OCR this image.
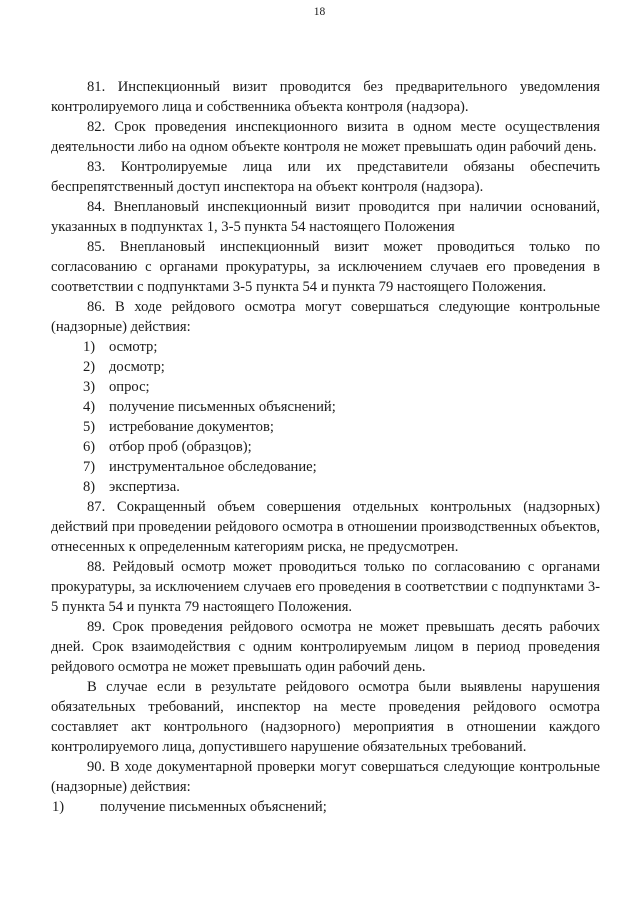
18

81. Инспекционный визит проводится без предварительного уведомления контролируемого лица и собственника объекта контроля (надзора).

82. Срок проведения инспекционного визита в одном месте осуществления деятельности либо на одном объекте контроля не может превышать один рабочий день.

83. Контролируемые лица или их представители обязаны обеспечить беспрепятственный доступ инспектора на объект контроля (надзора).

84. Внеплановый инспекционный визит проводится при наличии оснований, указанных в подпунктах 1, 3-5 пункта 54 настоящего Положения

85. Внеплановый инспекционный визит может проводиться только по согласованию с органами прокуратуры, за исключением случаев его проведения в соответствии с подпунктами 3-5 пункта 54 и пункта 79 настоящего Положения.

86. В ходе рейдового осмотра могут совершаться следующие контрольные (надзорные) действия:

1) осмотр;
2) досмотр;
3) опрос;
4) получение письменных объяснений;
5) истребование документов;
6) отбор проб (образцов);
7) инструментальное обследование;
8) экспертиза.

87. Сокращенный объем совершения отдельных контрольных (надзорных) действий при проведении рейдового осмотра в отношении производственных объектов, отнесенных к определенным категориям риска, не предусмотрен.

88. Рейдовый осмотр может проводиться только по согласованию с органами прокуратуры, за исключением случаев его проведения в соответствии с подпунктами 3-5 пункта 54 и пункта 79 настоящего Положения.

89. Срок проведения рейдового осмотра не может превышать десять рабочих дней. Срок взаимодействия с одним контролируемым лицом в период проведения рейдового осмотра не может превышать один рабочий день.

В случае если в результате рейдового осмотра были выявлены нарушения обязательных требований, инспектор на месте проведения рейдового осмотра составляет акт контрольного (надзорного) мероприятия в отношении каждого контролируемого лица, допустившего нарушение обязательных требований.

90. В ходе документарной проверки могут совершаться следующие контрольные (надзорные) действия:

1) получение письменных объяснений;
